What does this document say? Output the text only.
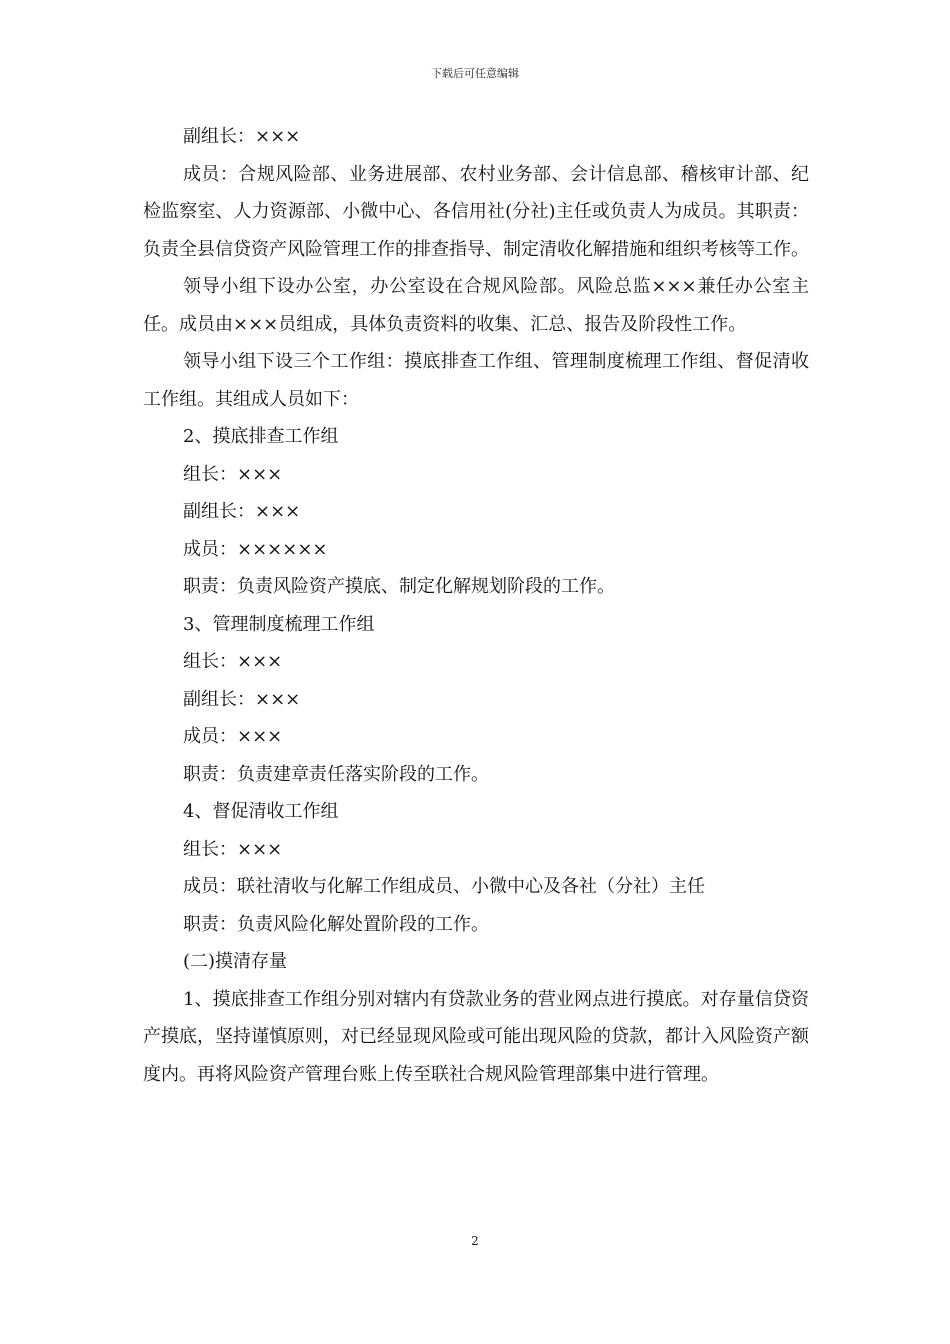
下载后可任意编辑

副组长：×××

成员：合规风险部、业务进展部、农村业务部、会计信息部、稽核审计部、纪检监察室、人力资源部、小微中心、各信用社(分社)主任或负责人为成员。其职责：负责全县信贷资产风险管理工作的排查指导、制定清收化解措施和组织考核等工作。

领导小组下设办公室，办公室设在合规风险部。风险总监×××兼任办公室主任。成员由×××员组成，具体负责资料的收集、汇总、报告及阶段性工作。

领导小组下设三个工作组：摸底排查工作组、管理制度梳理工作组、督促清收工作组。其组成人员如下：

2、摸底排查工作组

组长：×××

副组长：×××

成员：××××××

职责：负责风险资产摸底、制定化解规划阶段的工作。

3、管理制度梳理工作组

组长：×××

副组长：×××

成员：×××

职责：负责建章责任落实阶段的工作。

4、督促清收工作组

组长：×××

成员：联社清收与化解工作组成员、小微中心及各社（分社）主任

职责：负责风险化解处置阶段的工作。

(二)摸清存量

1、摸底排查工作组分别对辖内有贷款业务的营业网点进行摸底。对存量信贷资产摸底，坚持谨慎原则，对已经显现风险或可能出现风险的贷款，都计入风险资产额度内。再将风险资产管理台账上传至联社合规风险管理部集中进行管理。

2
